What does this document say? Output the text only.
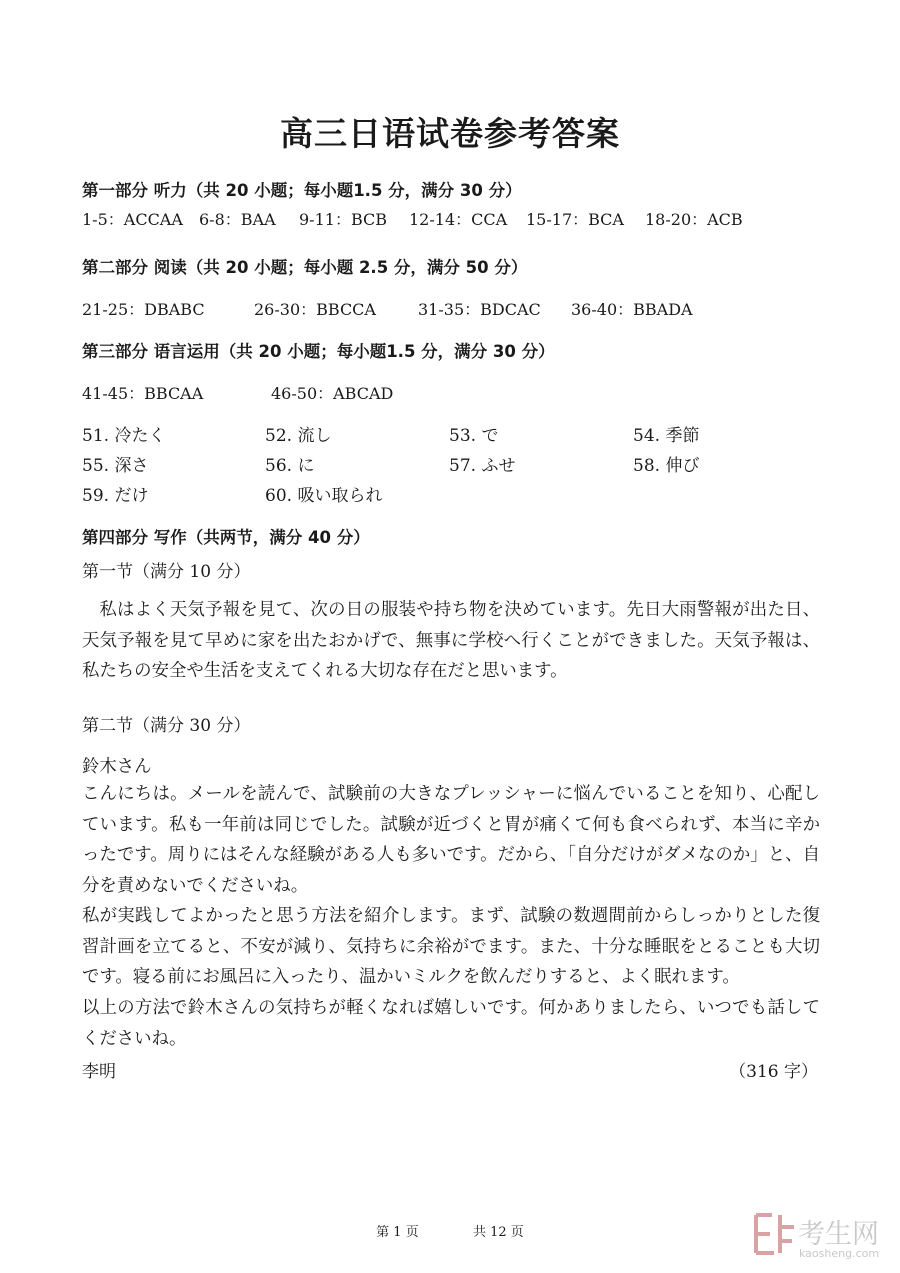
高三日语试卷参考答案
第一部分 听力（共 20 小题；每小题1.5 分，满分 30 分）
1-5：ACCAA 6-8：BAA 9-11：BCB 12-14：CCA 15-17：BCA 18-20：ACB
第二部分 阅读（共 20 小题；每小题 2.5 分，满分 50 分）
21-25：DBABC	26-30：BBCCA	31-35：BDCAC 36-40：BBADA
第三部分 语言运用（共 20 小题；每小题1.5 分，满分 30 分）
41-45：BBCAA	46-50：ABCAD
51. 冷たく	52. 流し	53. で	54. 季節
55. 深さ	56. に	57. ふせ	58. 伸び
59. だけ	60. 吸い取られ
第四部分 写作（共两节，满分 40 分）
第一节（满分 10 分）

私はよく天気予報を見て、次の日の服装や持ち物を決めています。先日大雨警報が出た日、天気予報を見て早めに家を出たおかげで、無事に学校へ行くことができました。天気予報は、私たちの安全や生活を支えてくれる大切な存在だと思います。

第二节（满分 30 分）
鈴木さん

こんにちは。メールを読んで、試験前の大きなプレッシャーに悩んでいることを知り、心配しています。私も一年前は同じでした。試験が近づくと胃が痛くて何も食べられず、本当に辛かったです。周りにはそんな経験がある人も多いです。だから、「自分だけがダメなのか」と、自分を責めないでくださいね。

私が実践してよかったと思う方法を紹介します。まず、試験の数週間前からしっかりとした復習計画を立てると、不安が減り、気持ちに余裕がでます。また、十分な睡眠をとることも大切です。寝る前にお風呂に入ったり、温かいミルクを飲んだりすると、よく眠れます。

以上の方法で鈴木さんの気持ちが軽くなれば嬉しいです。何かありましたら、いつでも話してくださいね。

李明	（316 字）
第 1 页	共 12 页	考生网
kaosheng.com
